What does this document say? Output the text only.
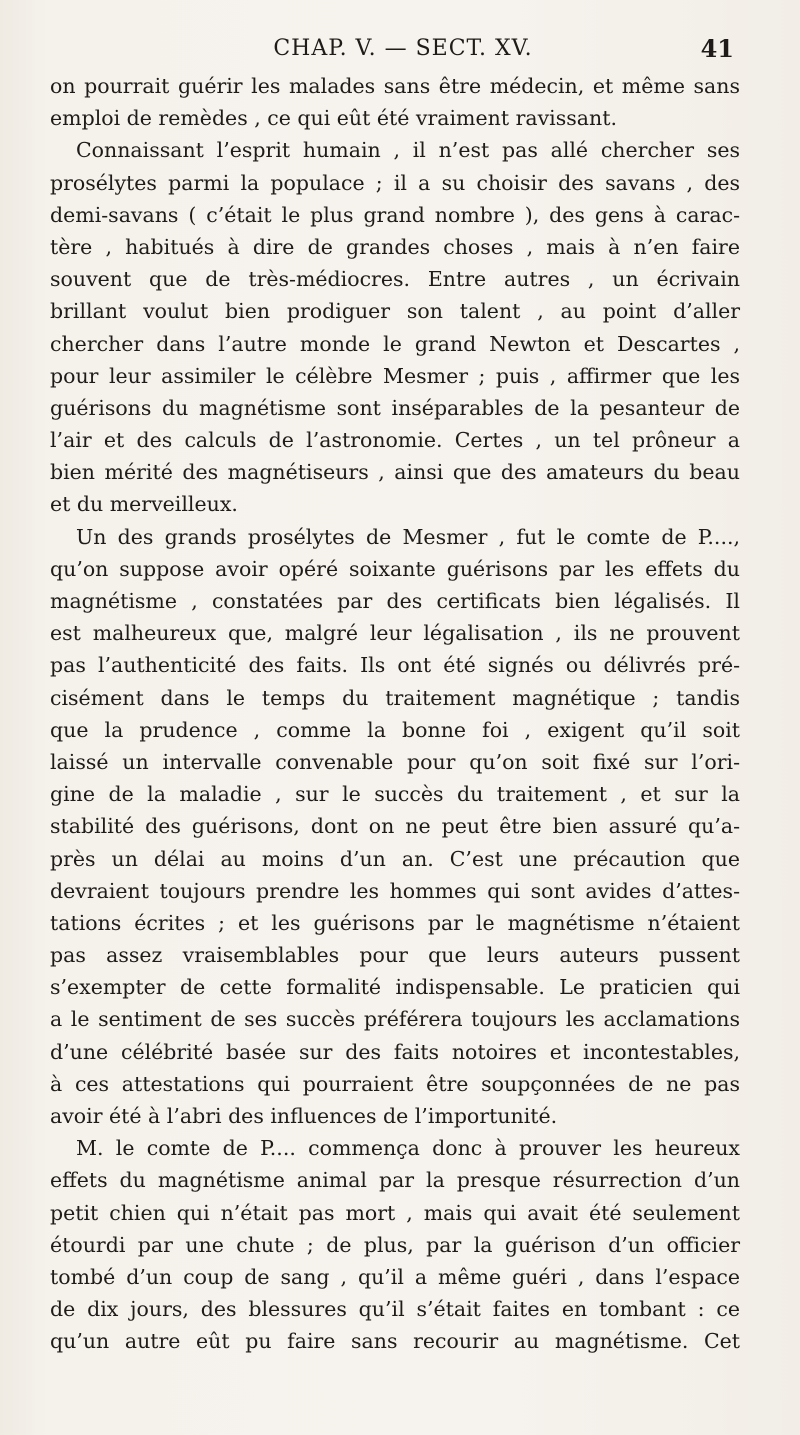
CHAP. V. — SECT. XV.	41
on pourrait guérir les malades sans être médecin, et même sans
emploi de remèdes , ce qui eût été vraiment ravissant.
Connaissant l’esprit humain , il n’est pas allé chercher ses
prosélytes parmi la populace ; il a su choisir des savans , des
demi-savans ( c’était le plus grand nombre ), des gens à carac-
tère , habitués à dire de grandes choses , mais à n’en faire
souvent que de très-médiocres. Entre autres , un écrivain
brillant voulut bien prodiguer son talent , au point d’aller
chercher dans l’autre monde le grand Newton et Descartes ,
pour leur assimiler le célèbre Mesmer ; puis , affirmer que les
guérisons du magnétisme sont inséparables de la pesanteur de
l’air et des calculs de l’astronomie. Certes , un tel prôneur a
bien mérité des magnétiseurs , ainsi que des amateurs du beau
et du merveilleux.
Un des grands prosélytes de Mesmer , fut le comte de P....,
qu’on suppose avoir opéré soixante guérisons par les effets du
magnétisme , constatées par des certificats bien légalisés. Il
est malheureux que, malgré leur légalisation , ils ne prouvent
pas l’authenticité des faits. Ils ont été signés ou délivrés pré-
cisément dans le temps du traitement magnétique ; tandis
que la prudence , comme la bonne foi , exigent qu’il soit
laissé un intervalle convenable pour qu’on soit fixé sur l’ori-
gine de la maladie , sur le succès du traitement , et sur la
stabilité des guérisons, dont on ne peut être bien assuré qu’a-
près un délai au moins d’un an. C’est une précaution que
devraient toujours prendre les hommes qui sont avides d’attes-
tations écrites ; et les guérisons par le magnétisme n’étaient
pas assez vraisemblables pour que leurs auteurs pussent
s’exempter de cette formalité indispensable. Le praticien qui
a le sentiment de ses succès préférera toujours les acclamations
d’une célébrité basée sur des faits notoires et incontestables,
à ces attestations qui pourraient être soupçonnées de ne pas
avoir été à l’abri des influences de l’importunité.
M. le comte de P.... commença donc à prouver les heureux
effets du magnétisme animal par la presque résurrection d’un
petit chien qui n’était pas mort , mais qui avait été seulement
étourdi par une chute ; de plus, par la guérison d’un officier
tombé d’un coup de sang , qu’il a même guéri , dans l’espace
de dix jours, des blessures qu’il s’était faites en tombant : ce
qu’un autre eût pu faire sans recourir au magnétisme. Cet
